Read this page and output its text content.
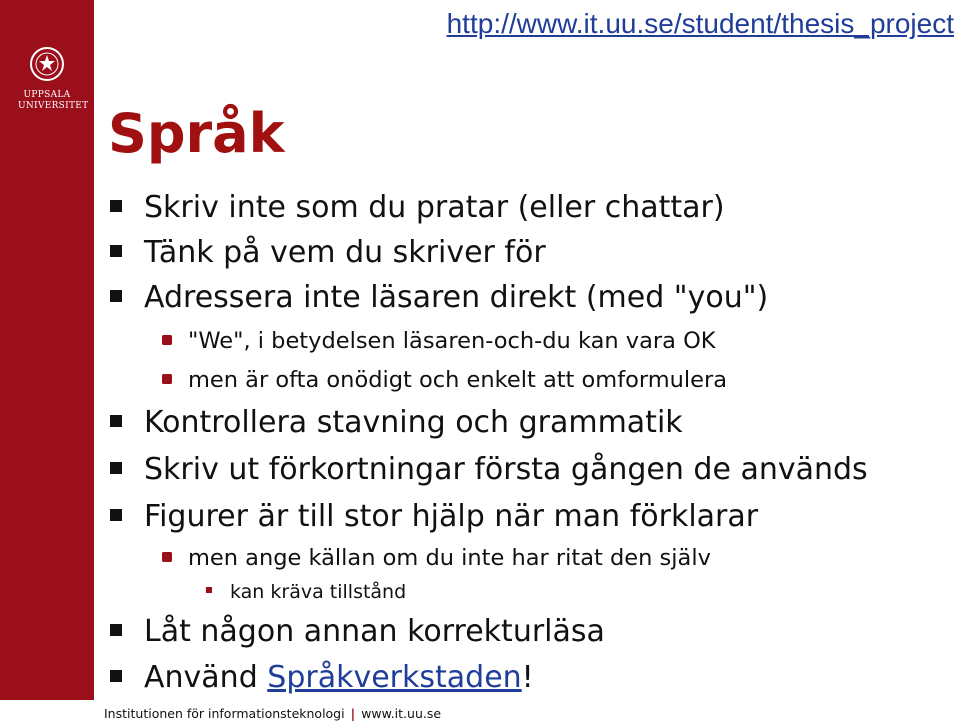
UPPSALA
UNIVERSITET
http://www.it.uu.se/student/thesis_project
Språk
Skriv inte som du pratar (eller chattar)
Tänk på vem du skriver för
Adressera inte läsaren direkt (med "you")
"We", i betydelsen läsaren-och-du kan vara OK
men är ofta onödigt och enkelt att omformulera
Kontrollera stavning och grammatik
Skriv ut förkortningar första gången de används
Figurer är till stor hjälp när man förklarar
men ange källan om du inte har ritat den själv
kan kräva tillstånd
Låt någon annan korrekturläsa
Använd Språkverkstaden!
Institutionen för informationsteknologi | www.it.uu.se
